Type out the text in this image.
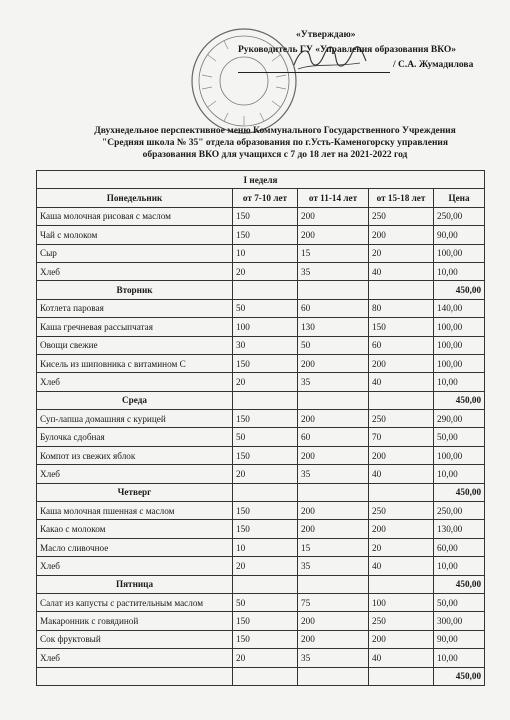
«Утверждаю»
Руководитель ГУ «Управления образования ВКО»
/ С.А. Жумадилова
Двухнедельное перспективное меню Коммунального Государственного Учреждения
"Средняя школа № 35" отдела образования по г.Усть-Каменогорску управления
образования ВКО для учащихся с 7 до 18 лет на 2021-2022 год
I неделя				
Понедельник	от 7-10 лет	от 11-14 лет	от 15-18 лет	Цена
Каша молочная рисовая с маслом	150	200	250	250,00
Чай с молоком	150	200	200	90,00
Сыр	10	15	20	100,00
Хлеб	20	35	40	10,00
Вторник				450,00
Котлета паровая	50	60	80	140,00
Каша гречневая рассыпчатая	100	130	150	100,00
Овощи свежие	30	50	60	100,00
Кисель из шиповника с витамином С	150	200	200	100,00
Хлеб	20	35	40	10,00
Среда				450,00
Суп-лапша домашняя с курицей	150	200	250	290,00
Булочка сдобная	50	60	70	50,00
Компот из свежих яблок	150	200	200	100,00
Хлеб	20	35	40	10,00
Четверг				450,00
Каша молочная пшенная с маслом	150	200	250	250,00
Какао с молоком	150	200	200	130,00
Масло сливочное	10	15	20	60,00
Хлеб	20	35	40	10,00
Пятница				450,00
Салат из капусты с растительным маслом	50	75	100	50,00
Макаронник с говядиной	150	200	250	300,00
Сок фруктовый	150	200	200	90,00
Хлеб	20	35	40	10,00
				450,00
